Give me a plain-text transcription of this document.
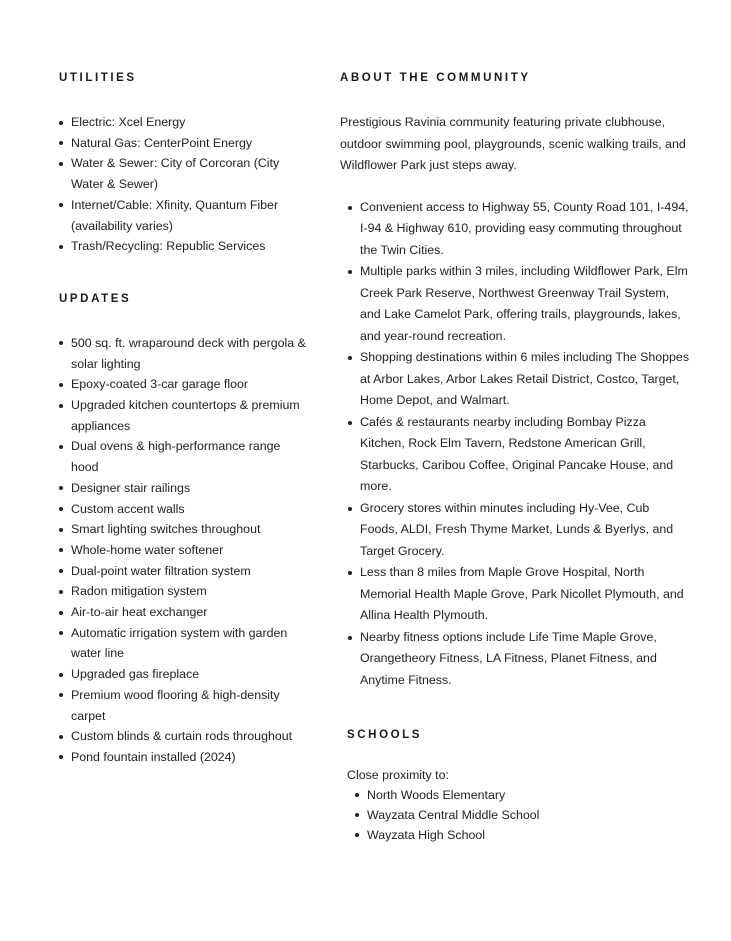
UTILITIES
Electric: Xcel Energy
Natural Gas: CenterPoint Energy
Water & Sewer: City of Corcoran (City Water & Sewer)
Internet/Cable: Xfinity, Quantum Fiber (availability varies)
Trash/Recycling: Republic Services
UPDATES
500 sq. ft. wraparound deck with pergola & solar lighting
Epoxy-coated 3-car garage floor
Upgraded kitchen countertops & premium appliances
Dual ovens & high-performance range hood
Designer stair railings
Custom accent walls
Smart lighting switches throughout
Whole-home water softener
Dual-point water filtration system
Radon mitigation system
Air-to-air heat exchanger
Automatic irrigation system with garden water line
Upgraded gas fireplace
Premium wood flooring & high-density carpet
Custom blinds & curtain rods throughout
Pond fountain installed (2024)
ABOUT THE COMMUNITY

Prestigious Ravinia community featuring private clubhouse, outdoor swimming pool, playgrounds, scenic walking trails, and Wildflower Park just steps away.

Convenient access to Highway 55, County Road 101, I-494, I-94 & Highway 610, providing easy commuting throughout the Twin Cities.
Multiple parks within 3 miles, including Wildflower Park, Elm Creek Park Reserve, Northwest Greenway Trail System, and Lake Camelot Park, offering trails, playgrounds, lakes, and year-round recreation.
Shopping destinations within 6 miles including The Shoppes at Arbor Lakes, Arbor Lakes Retail District, Costco, Target, Home Depot, and Walmart.
Cafés & restaurants nearby including Bombay Pizza Kitchen, Rock Elm Tavern, Redstone American Grill, Starbucks, Caribou Coffee, Original Pancake House, and more.
Grocery stores within minutes including Hy-Vee, Cub Foods, ALDI, Fresh Thyme Market, Lunds & Byerlys, and Target Grocery.
Less than 8 miles from Maple Grove Hospital, North Memorial Health Maple Grove, Park Nicollet Plymouth, and Allina Health Plymouth.
Nearby fitness options include Life Time Maple Grove, Orangetheory Fitness, LA Fitness, Planet Fitness, and Anytime Fitness.
SCHOOLS

Close proximity to:

North Woods Elementary
Wayzata Central Middle School
Wayzata High School
